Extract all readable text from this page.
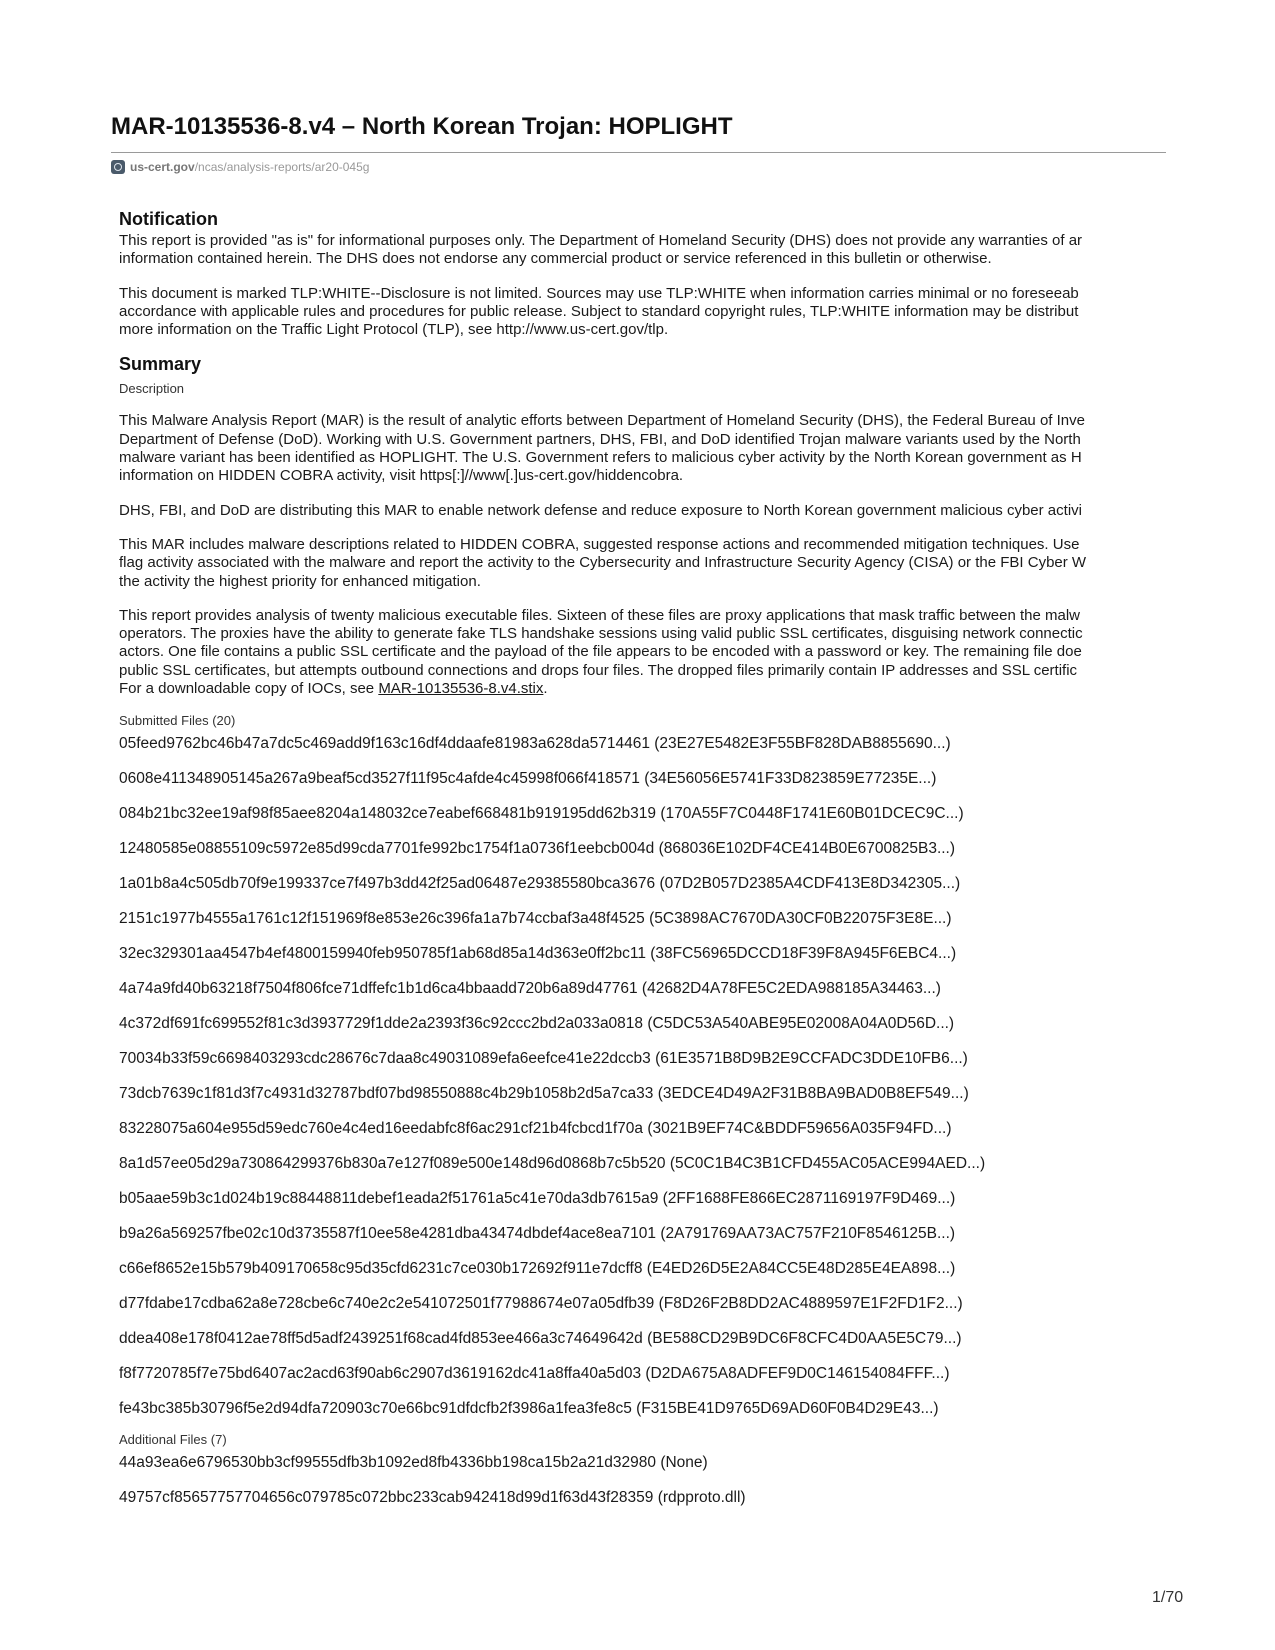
MAR-10135536-8.v4 – North Korean Trojan: HOPLIGHT
us-cert.gov/ncas/analysis-reports/ar20-045g
Notification

This report is provided "as is" for informational purposes only. The Department of Homeland Security (DHS) does not provide any warranties of ar

information contained herein. The DHS does not endorse any commercial product or service referenced in this bulletin or otherwise.

This document is marked TLP:WHITE--Disclosure is not limited. Sources may use TLP:WHITE when information carries minimal or no foreseeab

accordance with applicable rules and procedures for public release. Subject to standard copyright rules, TLP:WHITE information may be distribut

more information on the Traffic Light Protocol (TLP), see http://www.us-cert.gov/tlp.

Summary
Description

This Malware Analysis Report (MAR) is the result of analytic efforts between Department of Homeland Security (DHS), the Federal Bureau of Inve

Department of Defense (DoD). Working with U.S. Government partners, DHS, FBI, and DoD identified Trojan malware variants used by the North

malware variant has been identified as HOPLIGHT. The U.S. Government refers to malicious cyber activity by the North Korean government as H

information on HIDDEN COBRA activity, visit https[:]//www[.]us-cert.gov/hiddencobra.

DHS, FBI, and DoD are distributing this MAR to enable network defense and reduce exposure to North Korean government malicious cyber activi

This MAR includes malware descriptions related to HIDDEN COBRA, suggested response actions and recommended mitigation techniques. Use

flag activity associated with the malware and report the activity to the Cybersecurity and Infrastructure Security Agency (CISA) or the FBI Cyber W

the activity the highest priority for enhanced mitigation.

This report provides analysis of twenty malicious executable files. Sixteen of these files are proxy applications that mask traffic between the malw

operators. The proxies have the ability to generate fake TLS handshake sessions using valid public SSL certificates, disguising network connectic

actors. One file contains a public SSL certificate and the payload of the file appears to be encoded with a password or key. The remaining file doe

public SSL certificates, but attempts outbound connections and drops four files. The dropped files primarily contain IP addresses and SSL certific

For a downloadable copy of IOCs, see MAR-10135536-8.v4.stix.

Submitted Files (20)
05feed9762bc46b47a7dc5c469add9f163c16df4ddaafe81983a628da5714461 (23E27E5482E3F55BF828DAB8855690...)
0608e411348905145a267a9beaf5cd3527f11f95c4afde4c45998f066f418571 (34E56056E5741F33D823859E77235E...)
084b21bc32ee19af98f85aee8204a148032ce7eabef668481b919195dd62b319 (170A55F7C0448F1741E60B01DCEC9C...)
12480585e08855109c5972e85d99cda7701fe992bc1754f1a0736f1eebcb004d (868036E102DF4CE414B0E6700825B3...)
1a01b8a4c505db70f9e199337ce7f497b3dd42f25ad06487e29385580bca3676 (07D2B057D2385A4CDF413E8D342305...)
2151c1977b4555a1761c12f151969f8e853e26c396fa1a7b74ccbaf3a48f4525 (5C3898AC7670DA30CF0B22075F3E8E...)
32ec329301aa4547b4ef4800159940feb950785f1ab68d85a14d363e0ff2bc11 (38FC56965DCCD18F39F8A945F6EBC4...)
4a74a9fd40b63218f7504f806fce71dffefc1b1d6ca4bbaadd720b6a89d47761 (42682D4A78FE5C2EDA988185A34463...)
4c372df691fc699552f81c3d3937729f1dde2a2393f36c92ccc2bd2a033a0818 (C5DC53A540ABE95E02008A04A0D56D...)
70034b33f59c6698403293cdc28676c7daa8c49031089efa6eefce41e22dccb3 (61E3571B8D9B2E9CCFADC3DDE10FB6...)
73dcb7639c1f81d3f7c4931d32787bdf07bd98550888c4b29b1058b2d5a7ca33 (3EDCE4D49A2F31B8BA9BAD0B8EF549...)
83228075a604e955d59edc760e4c4ed16eedabfc8f6ac291cf21b4fcbcd1f70a (3021B9EF74C&BDDF59656A035F94FD...)
8a1d57ee05d29a730864299376b830a7e127f089e500e148d96d0868b7c5b520 (5C0C1B4C3B1CFD455AC05ACE994AED...)
b05aae59b3c1d024b19c88448811debef1eada2f51761a5c41e70da3db7615a9 (2FF1688FE866EC2871169197F9D469...)
b9a26a569257fbe02c10d3735587f10ee58e4281dba43474dbdef4ace8ea7101 (2A791769AA73AC757F210F8546125B...)
c66ef8652e15b579b409170658c95d35cfd6231c7ce030b172692f911e7dcff8 (E4ED26D5E2A84CC5E48D285E4EA898...)
d77fdabe17cdba62a8e728cbe6c740e2c2e541072501f77988674e07a05dfb39 (F8D26F2B8DD2AC4889597E1F2FD1F2...)
ddea408e178f0412ae78ff5d5adf2439251f68cad4fd853ee466a3c74649642d (BE588CD29B9DC6F8CFC4D0AA5E5C79...)
f8f7720785f7e75bd6407ac2acd63f90ab6c2907d3619162dc41a8ffa40a5d03 (D2DA675A8ADFEF9D0C146154084FFF...)
fe43bc385b30796f5e2d94dfa720903c70e66bc91dfdcfb2f3986a1fea3fe8c5 (F315BE41D9765D69AD60F0B4D29E43...)
Additional Files (7)
44a93ea6e6796530bb3cf99555dfb3b1092ed8fb4336bb198ca15b2a21d32980 (None)
49757cf85657757704656c079785c072bbc233cab942418d99d1f63d43f28359 (rdpproto.dll)
1/70
